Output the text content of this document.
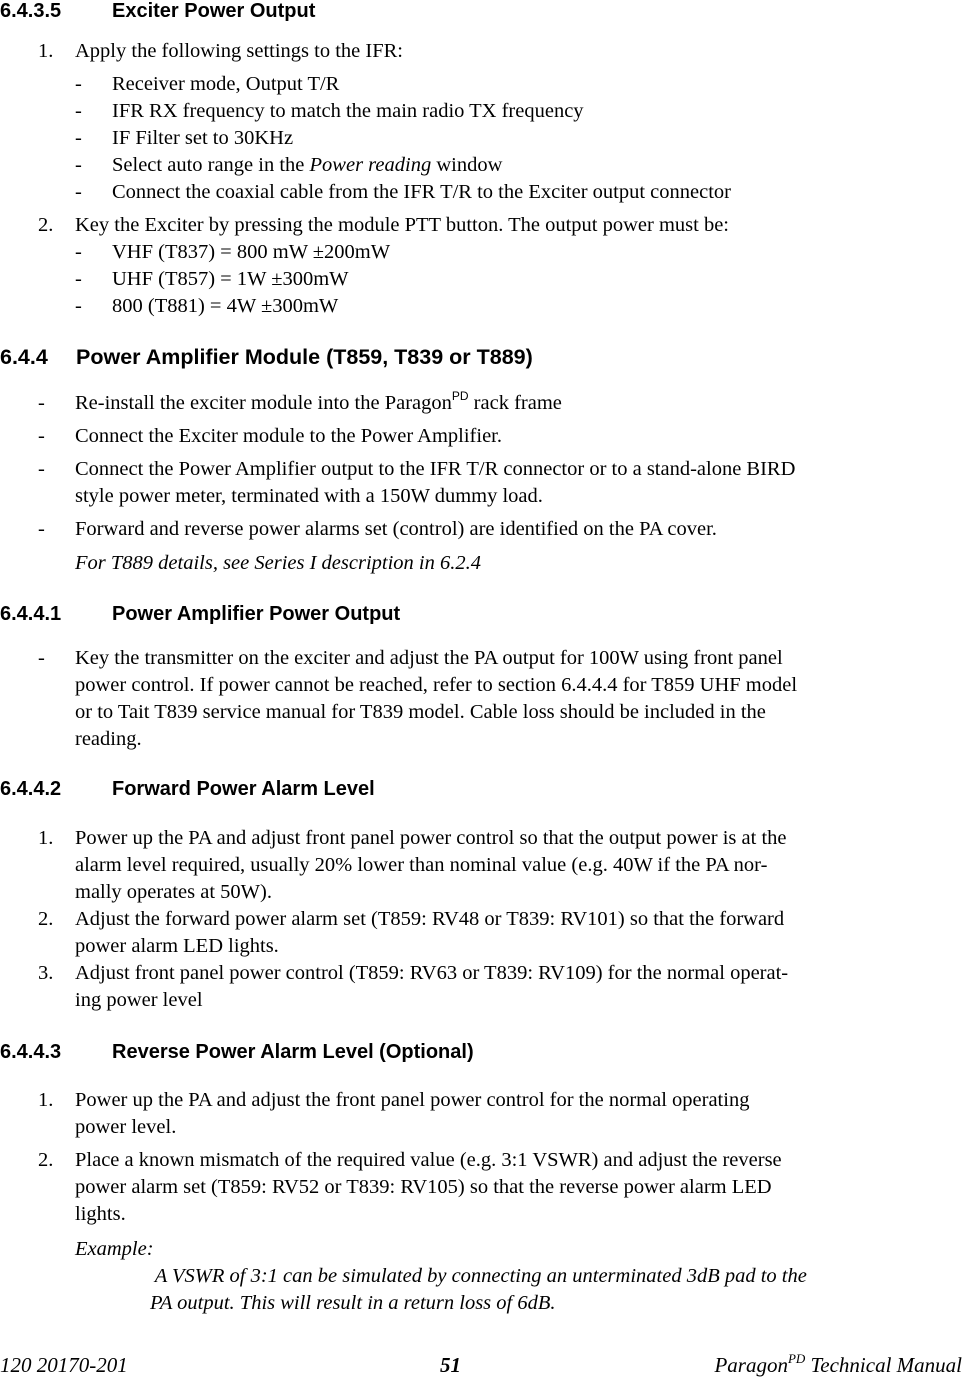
6.4.3.5	Exciter Power Output
1. Apply the following settings to the IFR:
- Receiver mode, Output T/R
- IFR RX frequency to match the main radio TX frequency
- IF Filter set to 30KHz
- Select auto range in the Power reading window
- Connect the coaxial cable from the IFR T/R to the Exciter output connector
2. Key the Exciter by pressing the module PTT button. The output power must be:
- VHF (T837) = 800 mW ±200mW
- UHF (T857) = 1W ±300mW
- 800 (T881) = 4W ±300mW
6.4.4 Power Amplifier Module (T859, T839 or T889)
- Re-install the exciter module into the Paragon$^{PD}$ rack frame
- Connect the Exciter module to the Power Amplifier.
- Connect the Power Amplifier output to the IFR T/R connector or to a stand-alone BIRD
style power meter, terminated with a 150W dummy load.
- Forward and reverse power alarms set (control) are identified on the PA cover.
For T889 details, see Series I description in 6.2.4
6.4.4.1	Power Amplifier Power Output
- Key the transmitter on the exciter and adjust the PA output for 100W using front panel
power control. If power cannot be reached, refer to section 6.4.4.4 for T859 UHF model
or to Tait T839 service manual for T839 model. Cable loss should be included in the
reading.
6.4.4.2	Forward Power Alarm Level
1. Power up the PA and adjust front panel power control so that the output power is at the
alarm level required, usually 20% lower than nominal value (e.g. 40W if the PA nor-
mally operates at 50W).
2. Adjust the forward power alarm set (T859: RV48 or T839: RV101) so that the forward
power alarm LED lights.
3. Adjust front panel power control (T859: RV63 or T839: RV109) for the normal operat-
ing power level
6.4.4.3	Reverse Power Alarm Level (Optional)
1. Power up the PA and adjust the front panel power control for the normal operating
power level.
2. Place a known mismatch of the required value (e.g. 3:1 VSWR) and adjust the reverse
power alarm set (T859: RV52 or T839: RV105) so that the reverse power alarm LED
lights.
Example:
A VSWR of 3:1 can be simulated by connecting an unterminated 3dB pad to the
PA output. This will result in a return loss of 6dB.
120 20170-201	51	Paragon$^{PD}$ Technical Manual
